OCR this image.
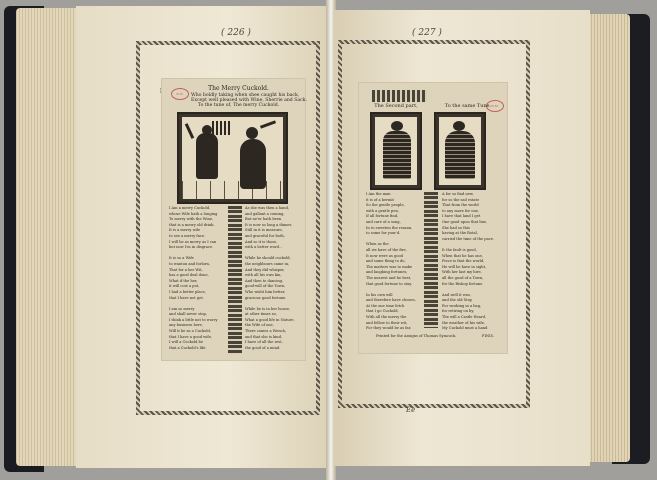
( 226 )
B.M.
The Merry Cuckold.
Who boldly taking when shee caught his back,
Except well pleased with Wine, Sherrie and Sack.
To the tune of, The merry Cuckold.
I Am a merry Cuckold,
whose Wife hath a longing
To merry with the Wine,
that is a merry old drink.
It is a merry wile
to see a merry face.
I will be as merry as I can
but now I'm in disgrace.

It is so a Wife
to wanton and forlorn,
That for a her Wit,
has a good deal done,
What if the her,
it will cost a pot,
I had a better place,
that I have not got.

I am so merry
and shall never stop,
I think a little not to worry
any business here,
Will it be as a Cuckold,
that I have a good wife,
I will a Cuckold be
that a Cuckold's life.

As she was then a hand,
and gallant a coming,
But ne'er hath been
It is now so long a dinner,
Still in it is measure,
and graceful for both,
And so it is those,
with a better word...

While he should cuckold,
the neighbours came in,
And they did whisper,
with all his own kin,
And then to dancing,
good-will of the Town,
Who wisht him better,
gracious good fortune.

While he is in her house,
at other times so,
What a good life in Nature,
the Wife of one,
There comes a Wench,
and that she is kind,
I have of all the rest,
the good of a mind.

( 227 )
Ee
B.M.
The Second part,	To the same Tune.
I Am the man
it is of a hermit
So the gentle people,
with a gentle pen,
If all fortune find,
and care of a song,
In to sweeten the reason,
to some for your'd.

When as the
all we have of the fire,
It now were as good
and some thing to do,
The matters was to make
and laughing fortunes,
The nearest and he best,
that good fortune to stay.

In his own will
and therefore have chosen,
At the one time fetch
that I go Cuckold,
With all the merry the
and fellow to their wit,
For they would be as far,

A for so find new,
for so the sad estate
That from the world
to any more for one,
I have that land I get
One good upon that line,
She had so this
having at the Rotal,
carried the time of the pace.

It the fault is good,
When that he has one,
Piece is that the world,
He will he have in sight,
With her last my hire,
all the good of a Town,
for the Bishop fortune

And well it was,
and the old Stay,
For working in a bag,
for retiring on by,
The will a Castle Heard,
the weather of his wife,
My Cuckold must a hand

Printed for the Assigns of Thomas Symcock.	FINIS.
